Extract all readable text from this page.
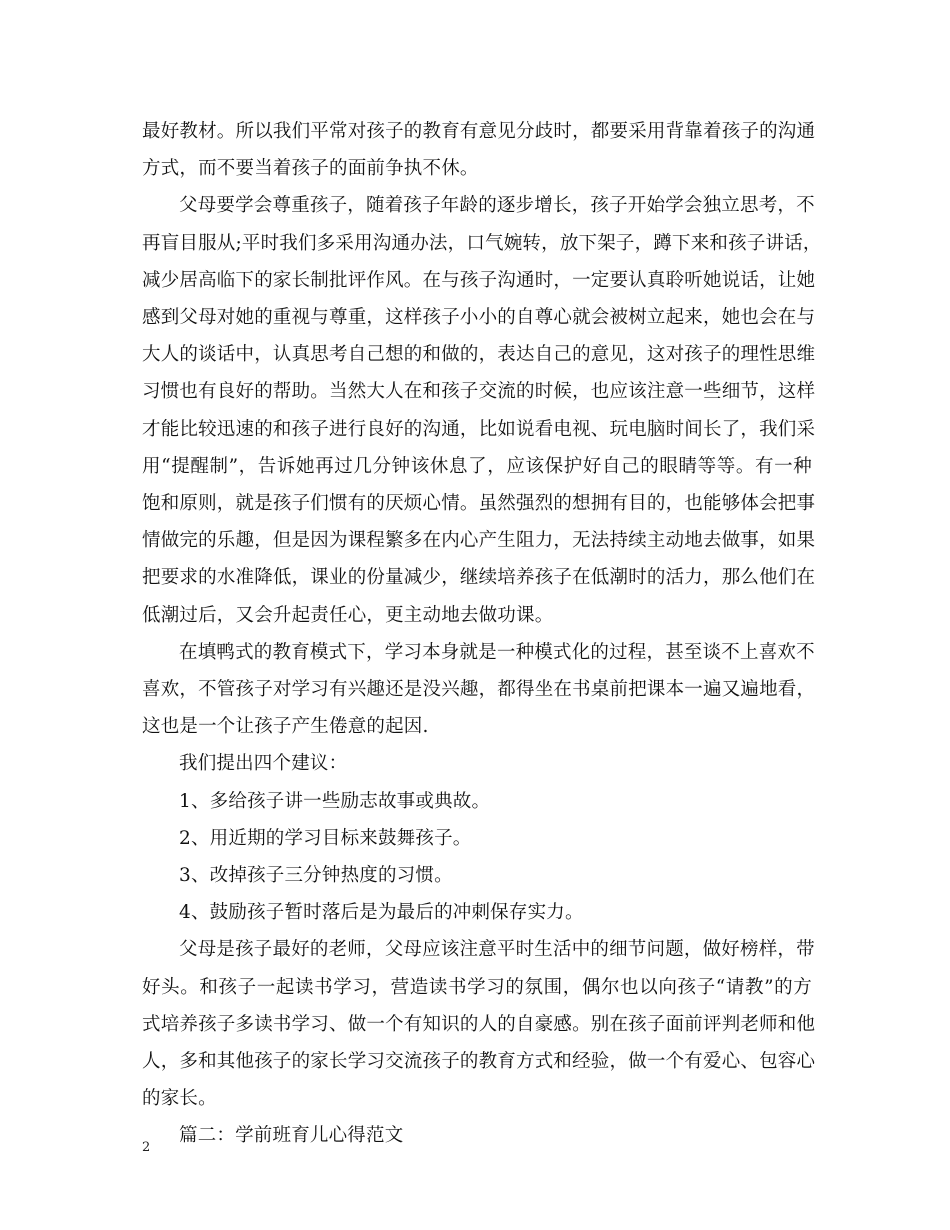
最好教材。所以我们平常对孩子的教育有意见分歧时，都要采用背靠着孩子的沟通
方式，而不要当着孩子的面前争执不休。

父母要学会尊重孩子，随着孩子年龄的逐步增长，孩子开始学会独立思考，不
再盲目服从;平时我们多采用沟通办法，口气婉转，放下架子，蹲下来和孩子讲话，
减少居高临下的家长制批评作风。在与孩子沟通时，一定要认真聆听她说话，让她
感到父母对她的重视与尊重，这样孩子小小的自尊心就会被树立起来，她也会在与
大人的谈话中，认真思考自己想的和做的，表达自己的意见，这对孩子的理性思维
习惯也有良好的帮助。当然大人在和孩子交流的时候，也应该注意一些细节，这样
才能比较迅速的和孩子进行良好的沟通，比如说看电视、玩电脑时间长了，我们采
用“提醒制”，告诉她再过几分钟该休息了，应该保护好自己的眼睛等等。有一种
饱和原则，就是孩子们惯有的厌烦心情。虽然强烈的想拥有目的，也能够体会把事
情做完的乐趣，但是因为课程繁多在内心产生阻力，无法持续主动地去做事，如果
把要求的水准降低，课业的份量减少，继续培养孩子在低潮时的活力，那么他们在
低潮过后，又会升起责任心，更主动地去做功课。

在填鸭式的教育模式下，学习本身就是一种模式化的过程，甚至谈不上喜欢不
喜欢，不管孩子对学习有兴趣还是没兴趣，都得坐在书桌前把课本一遍又遍地看，
这也是一个让孩子产生倦意的起因.

我们提出四个建议：

1、多给孩子讲一些励志故事或典故。

2、用近期的学习目标来鼓舞孩子。

3、改掉孩子三分钟热度的习惯。

4、鼓励孩子暂时落后是为最后的冲刺保存实力。

父母是孩子最好的老师，父母应该注意平时生活中的细节问题，做好榜样，带
好头。和孩子一起读书学习，营造读书学习的氛围，偶尔也以向孩子“请教”的方
式培养孩子多读书学习、做一个有知识的人的自豪感。别在孩子面前评判老师和他
人，多和其他孩子的家长学习交流孩子的教育方式和经验，做一个有爱心、包容心
的家长。

篇二：学前班育儿心得范文

2
